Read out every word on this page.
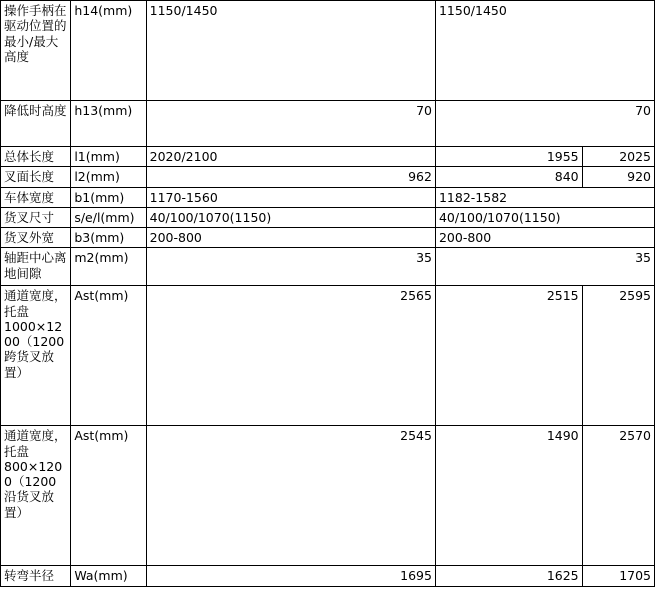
操作手柄在驱动位置的最小/最大高度	h14(mm)	1150/1450	1150/1450	
降低时高度	h13(mm)	70	70	
总体长度	l1(mm)	2020/2100	1955	2025
叉面长度	l2(mm)	962	840	920
车体宽度	b1(mm)	1170-1560	1182-1582	
货叉尺寸	s/e/l(mm)	40/100/1070(1150)	40/100/1070(1150)	
货叉外宽	b3(mm)	200-800	200-800	
轴距中心离地间隙	m2(mm)	35	35	
通道宽度，托盘1000×1200（1200跨货叉放置）	Ast(mm)	2565	2515	2595
通道宽度，托盘800×1200（1200沿货叉放置）	Ast(mm)	2545	1490	2570
转弯半径	Wa(mm)	1695	1625	1705
